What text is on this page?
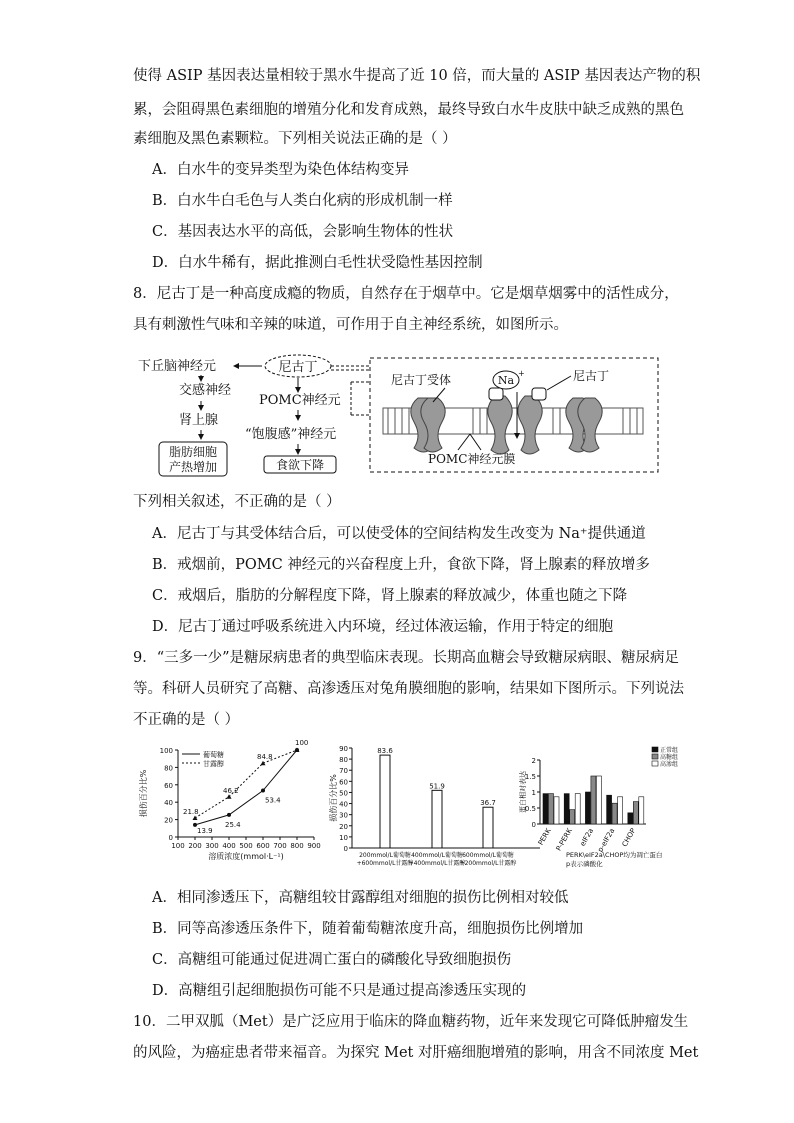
使得 ASIP 基因表达量相较于黑水牛提高了近 10 倍，而大量的 ASIP 基因表达产物的积
累，会阻碍黑色素细胞的增殖分化和发育成熟，最终导致白水牛皮肤中缺乏成熟的黑色
素细胞及黑色素颗粒。下列相关说法正确的是（ ）
A．白水牛的变异类型为染色体结构变异
B．白水牛白毛色与人类白化病的形成机制一样
C．基因表达水平的高低，会影响生物体的性状
D．白水牛稀有，据此推测白毛性状受隐性基因控制
8．尼古丁是一种高度成瘾的物质，自然存在于烟草中。它是烟草烟雾中的活性成分，
具有刺激性气味和辛辣的味道，可作用于自主神经系统，如图所示。
下丘脑神经元	尼古丁
交感神经
肾上腺
脂肪细胞
产热增加
POMC神经元
“饱腹感”神经元
食欲下降
尼古丁受体	Na
+	尼古丁
POMC神经元膜
下列相关叙述，不正确的是（ ）
A．尼古丁与其受体结合后，可以使受体的空间结构发生改变为 Na⁺提供通道
B．戒烟前，POMC 神经元的兴奋程度上升，食欲下降，肾上腺素的释放增多
C．戒烟后，脂肪的分解程度下降，肾上腺素的释放减少，体重也随之下降
D．尼古丁通过呼吸系统进入内环境，经过体液运输，作用于特定的细胞
9．“三多一少”是糖尿病患者的典型临床表现。长期高血糖会导致糖尿病眼、糖尿病足
等。科研人员研究了高糖、高渗透压对兔角膜细胞的影响，结果如下图所示。下列说法
不正确的是（ ）
0
20
40
60
80
100
100 200 300 400 500 600 700 800 900
溶质浓度(mmol·L⁻¹)
损伤百分比%
13.9
25.4
53.4
葡萄糖
21.8
46.2
84.8
100
甘露醇
0
10
20
30
40
50
60
70
80
90
损伤百分比%
83.6
200mmol/L葡萄糖
+600mmol/L甘露醇
51.9
400mmol/L葡萄糖
+400mmol/L甘露醇
36.7
600mmol/L葡萄糖
+200mmol/L甘露醇
0
0.5
1
1.5
2
蛋白相对表达
PERK P-PERK eIF2a p-eIF2a CHOP
正常组
高糖组
高渗组
PERK\eIF2a\CHOP均为凋亡蛋白
p表示磷酸化
A．相同渗透压下，高糖组较甘露醇组对细胞的损伤比例相对较低
B．同等高渗透压条件下，随着葡萄糖浓度升高，细胞损伤比例增加
C．高糖组可能通过促进凋亡蛋白的磷酸化导致细胞损伤
D．高糖组引起细胞损伤可能不只是通过提高渗透压实现的
10．二甲双胍（Met）是广泛应用于临床的降血糖药物，近年来发现它可降低肿瘤发生
的风险，为癌症患者带来福音。为探究 Met 对肝癌细胞增殖的影响，用含不同浓度 Met
